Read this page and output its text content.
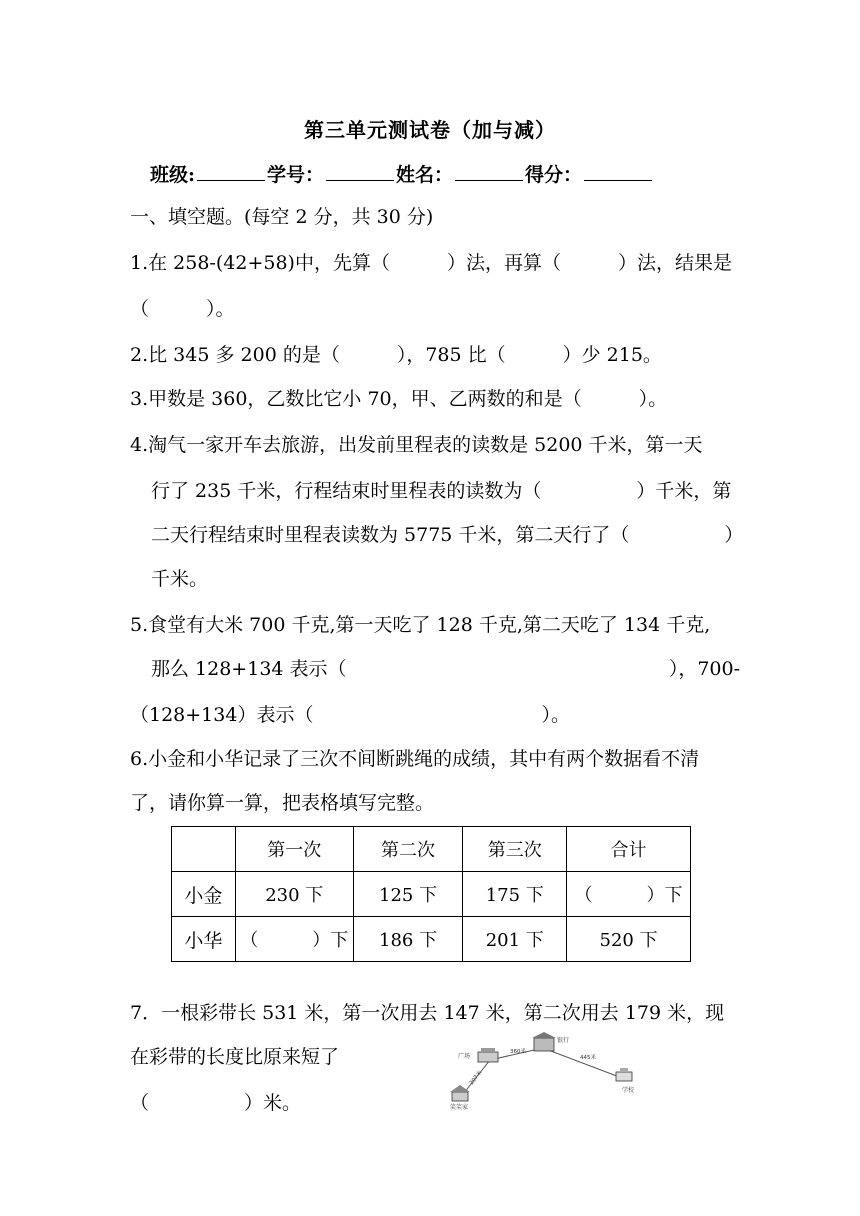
第三单元测试卷（加与减）
班级:	学号：	姓名：	得分：
一、填空题。(每空 2 分，共 30 分)
1.在 258-(42+58)中，先算（　　　）法，再算（　　　）法，结果是
（　　　）。
2.比 345 多 200 的是（　　　），785 比（　　　）少 215。
3.甲数是 360，乙数比它小 70，甲、乙两数的和是（　　　）。
4.淘气一家开车去旅游，出发前里程表的读数是 5200 千米，第一天
行了 235 千米，行程结束时里程表的读数为（　　　　　）千米，第
二天行程结束时里程表读数为 5775 千米，第二天行了（　　　　　）
千米。
5.食堂有大米 700 千克,第一天吃了 128 千克,第二天吃了 134 千克,
那么 128+134 表示（	），700-
（128+134）表示（　　　　　　　　　　　　）。
6.小金和小华记录了三次不间断跳绳的成绩，其中有两个数据看不清
了，请你算一算，把表格填写完整。
	第一次	第二次	第三次	合计
小金	230 下	125 下	175 下	（　　　）下
小华	（　　　）下	186 下	201 下	520 下
7．一根彩带长 531 米，第一次用去 147 米，第二次用去 179 米，现
在彩带的长度比原来短了
（　　　　　）米。
广场
银行
学校
笑笑家
360米
445米
207米
